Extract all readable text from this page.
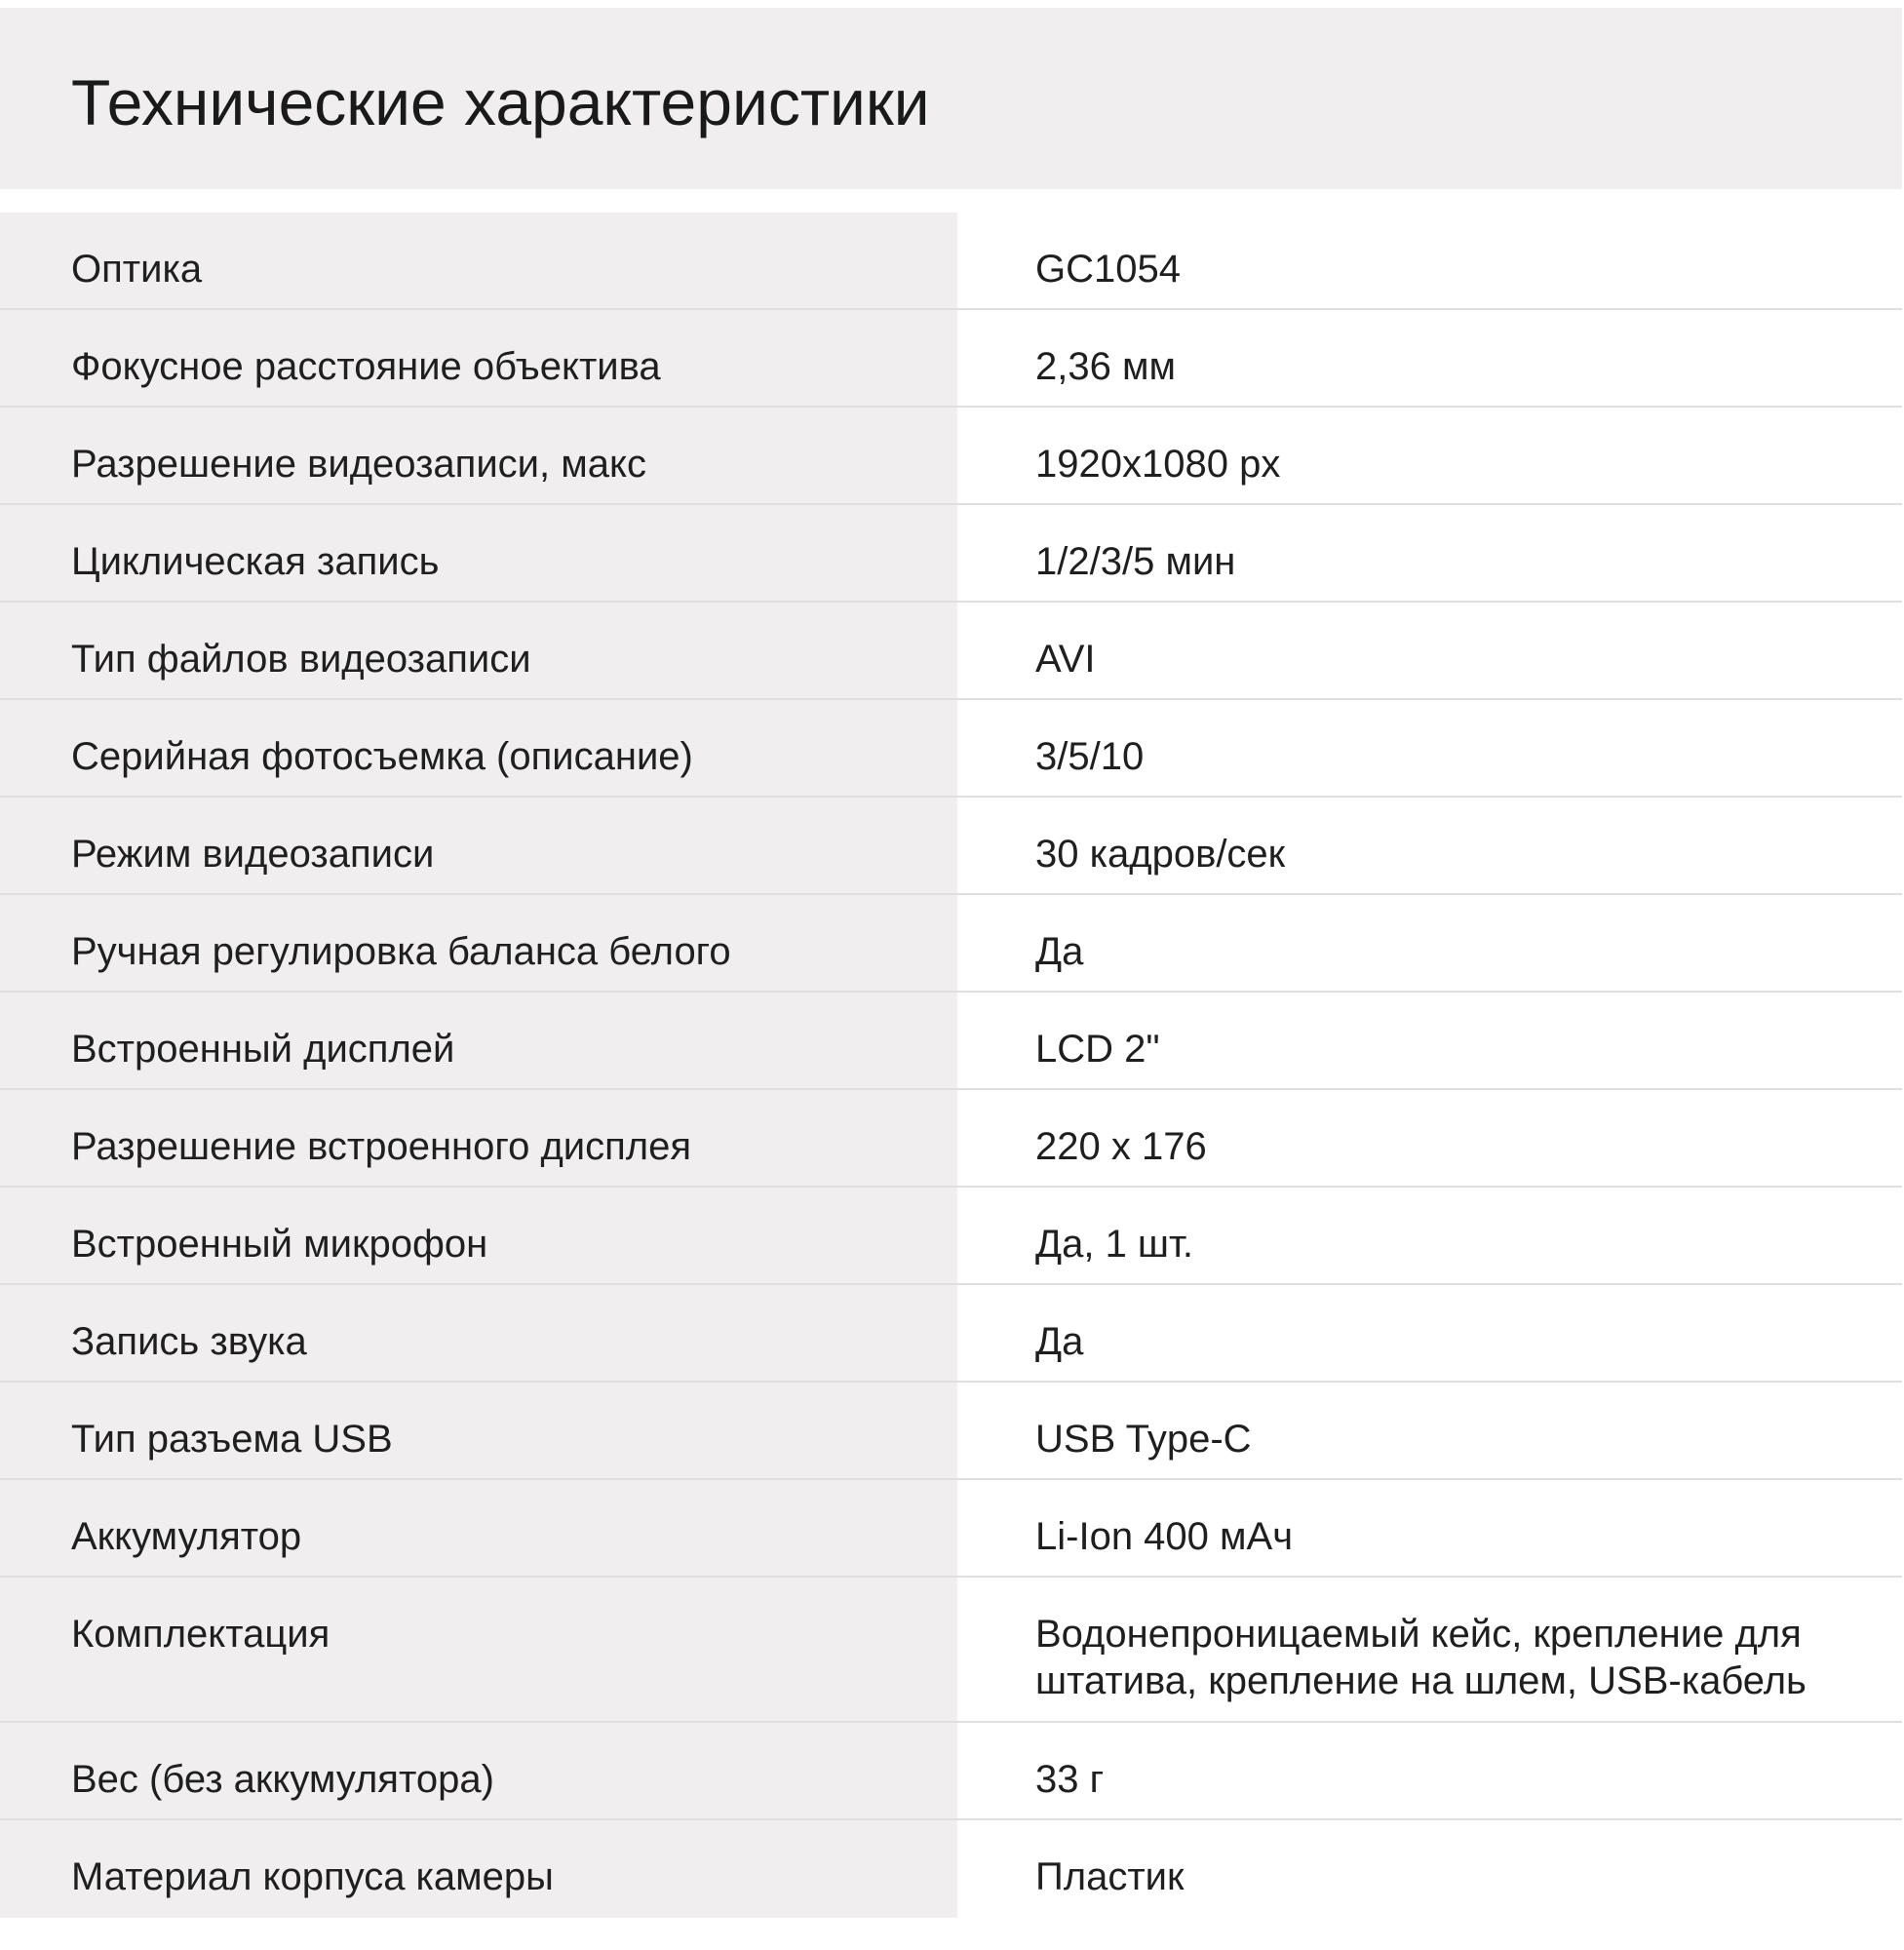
Технические характеристики
Оптика	GC1054

Фокусное расстояние объектива	2,36 мм

Разрешение видеозаписи, макс	1920x1080 px

Циклическая запись	1/2/3/5 мин

Тип файлов видеозаписи	AVI

Серийная фотосъемка (описание)	3/5/10

Режим видеозаписи	30 кадров/сек

Ручная регулировка баланса белого	Да

Встроенный дисплей	LCD 2"

Разрешение встроенного дисплея	220 x 176

Встроенный микрофон	Да, 1 шт.

Запись звука	Да

Тип разъема USB	USB Type-C

Аккумулятор	Li-Ion 400 мАч

Комплектация	Водонепроницаемый кейс, крепление для штатива, крепление на шлем, USB-кабель

Вес (без аккумулятора)	33 г

Материал корпуса камеры	Пластик
